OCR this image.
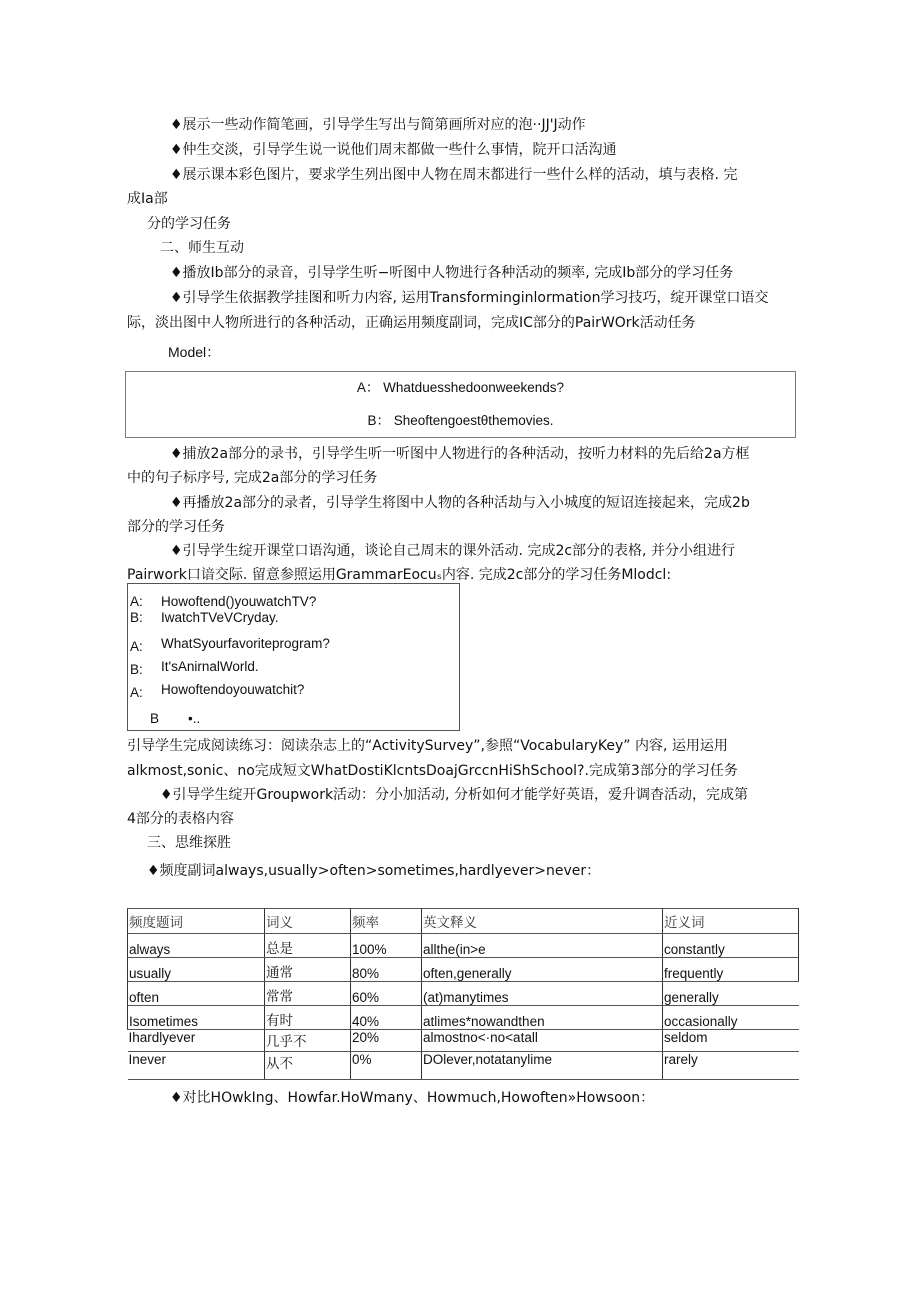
♦展示一些动作简笔画，引导学生写出与简第画所对应的泡··JJ'J动作
♦仲生交淡，引导学生说一说他们周末都做一些什么事情，院开口活沟通
♦展示课本彩色图片，要求学生列出图中人物在周末都进行一些什么样的活动，填与表格. 完
成Ia部
分的学习任务
二、师生互动
♦播放Ib部分的录音，引导学生听−听图中人物进行各种活动的频率, 完成Ib部分的学习任务
♦引导学生依据教学挂图和听力内容, 运用Transforminginlormation学习技巧，绽开课堂口语交
际，淡出图中人物所进行的各种活动，正确运用频度副词，完成IC部分的PairWOrk活动任务
Model：
A： Whatduesshedoonweekends?
B： Sheoftengoestθthemovies.
♦捕放2a部分的录书，引导学生听一听图中人物进行的各种活动，按听力材料的先后给2a方框
中的句子标序号, 完成2a部分的学习任务
♦再播放2a部分的录者，引导学生将图中人物的各种活劫与入小城度的短诏连接起来，完成2b
部分的学习任务
♦引导学生绽开课堂口语沟通，谈论自己周末的课外活动. 完成2c部分的表格, 并分小组进行
Pairwork口谙交际. 留意参照运用GrammarEocuₛ内容. 完成2c部分的学习任务Mlodcl:
A: Howoftend()youwatchTV?
B: IwatchTVeVCryday.
A: WhatSyourfavoriteprogram?
B: It'sAnirnalWorld.
A: Howoftendoyouwatchit?
B •..
引导学生完成阅读练习：阅读杂志上的“ActivitySurvey”,参照“VocabularyKey” 内容, 运用运用
alkmost,sonic、no完成短文WhatDostiKlcntsDoajGrccnHiShSchool?.完成第3部分的学习任务
♦引导学生绽开Groupwork活动：分小加活动, 分析如何才能学好英语，爱升调杳活动，完成第
4部分的表格内容
三、思维探胜
♦频度副词always,usually>often>sometimes,hardlyever>never：
频度题词	词义	频率	英文释义	近义词
always	总是	100%	allthe(in>e	constantly
usually	通常	80%	often,generally	frequently
often	常常	60%	(at)manytimes	generally
Isometimes	有时	40%	atlimes*nowandthen	occasionally
Ihardlyever	几乎不	20%	almostno<·no<atall	seldom
Inever	从不	0%	DOlever,notatanylime	rarely
♦对比HOwkIng、Howfar.HoWmany、Howmuch,Howoften»Howsoon：
